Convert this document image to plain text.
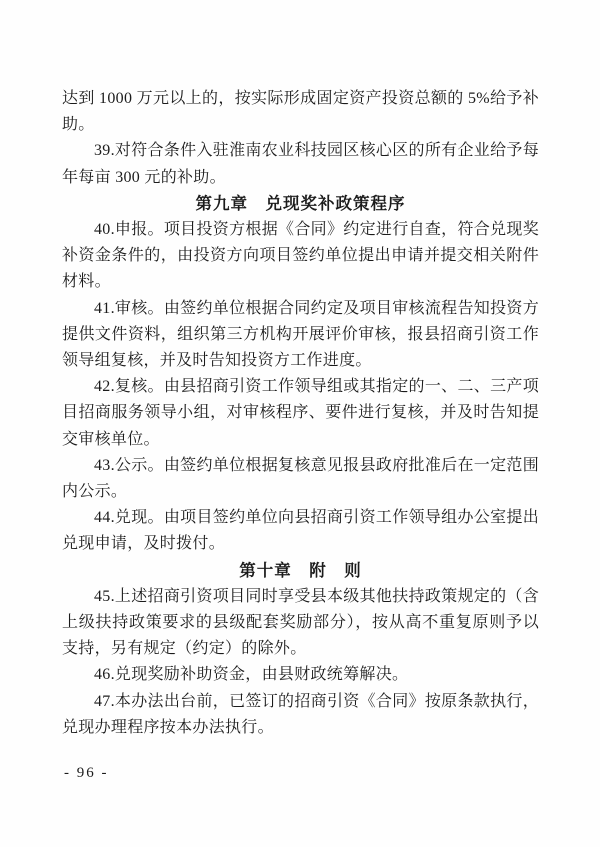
达到 1000 万元以上的，按实际形成固定资产投资总额的 5%给予补助。

39.对符合条件入驻淮南农业科技园区核心区的所有企业给予每年每亩 300 元的补助。

第九章　兑现奖补政策程序

40.申报。项目投资方根据《合同》约定进行自查，符合兑现奖补资金条件的，由投资方向项目签约单位提出申请并提交相关附件材料。

41.审核。由签约单位根据合同约定及项目审核流程告知投资方提供文件资料，组织第三方机构开展评价审核，报县招商引资工作领导组复核，并及时告知投资方工作进度。

42.复核。由县招商引资工作领导组或其指定的一、二、三产项目招商服务领导小组，对审核程序、要件进行复核，并及时告知提交审核单位。

43.公示。由签约单位根据复核意见报县政府批准后在一定范围内公示。

44.兑现。由项目签约单位向县招商引资工作领导组办公室提出兑现申请，及时拨付。

第十章　附　则

45.上述招商引资项目同时享受县本级其他扶持政策规定的（含上级扶持政策要求的县级配套奖励部分），按从高不重复原则予以支持，另有规定（约定）的除外。

46.兑现奖励补助资金，由县财政统筹解决。

47.本办法出台前，已签订的招商引资《合同》按原条款执行，兑现办理程序按本办法执行。

- 96 -
